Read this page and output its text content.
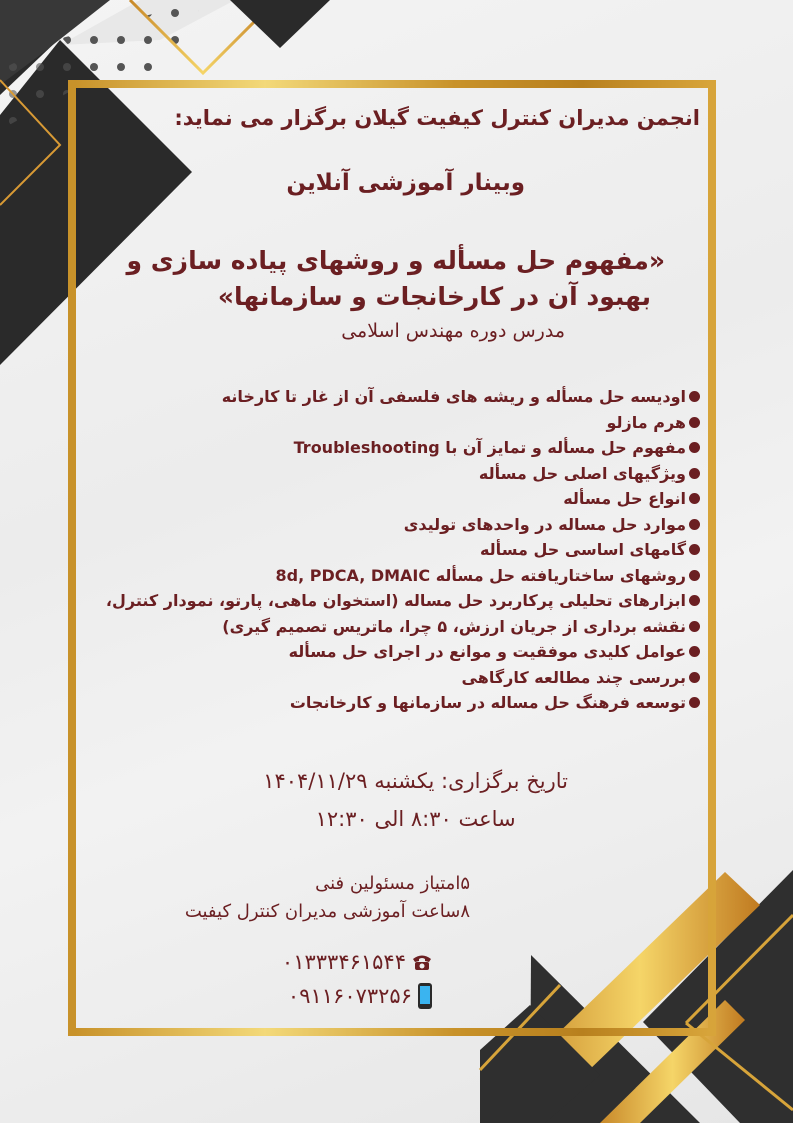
انجمن مدیران کنترل کیفیت گیلان برگزار می نماید:
وبینار آموزشی آنلاین
«مفهوم حل مسأله و روشهای پیاده سازی و
بهبود آن در کارخانجات و سازمانها»
مدرس دوره مهندس اسلامی
اودیسه حل مسأله و ریشه های فلسفی آن از غار تا کارخانه
هرم مازلو
مفهوم حل مسأله و تمایز آن با Troubleshooting
ویژگیهای اصلی حل مسأله
انواع حل مسأله
موارد حل مساله در واحدهای تولیدی
گامهای اساسی حل مسأله
روشهای ساختاریافته حل مسأله 8d, PDCA, DMAIC
ابزارهای تحلیلی پرکاربرد حل مساله (استخوان ماهی، پارتو، نمودار کنترل،
نقشه برداری از جریان ارزش، ۵ چرا، ماتریس تصمیم گیری)
عوامل کلیدی موفقیت و موانع در اجرای حل مسأله
بررسی چند مطالعه کارگاهی
توسعه فرهنگ حل مساله در سازمانها و کارخانجات
تاریخ برگزاری: یکشنبه ۱۴۰۴/۱۱/۲۹
ساعت ۸:۳۰ الی ۱۲:۳۰
۵امتیاز مسئولین فنی
۸ساعت آموزشی مدیران کنترل کیفیت
۰۱۳۳۳۴۶۱۵۴۴
۰۹۱۱۶۰۷۳۲۵۶
